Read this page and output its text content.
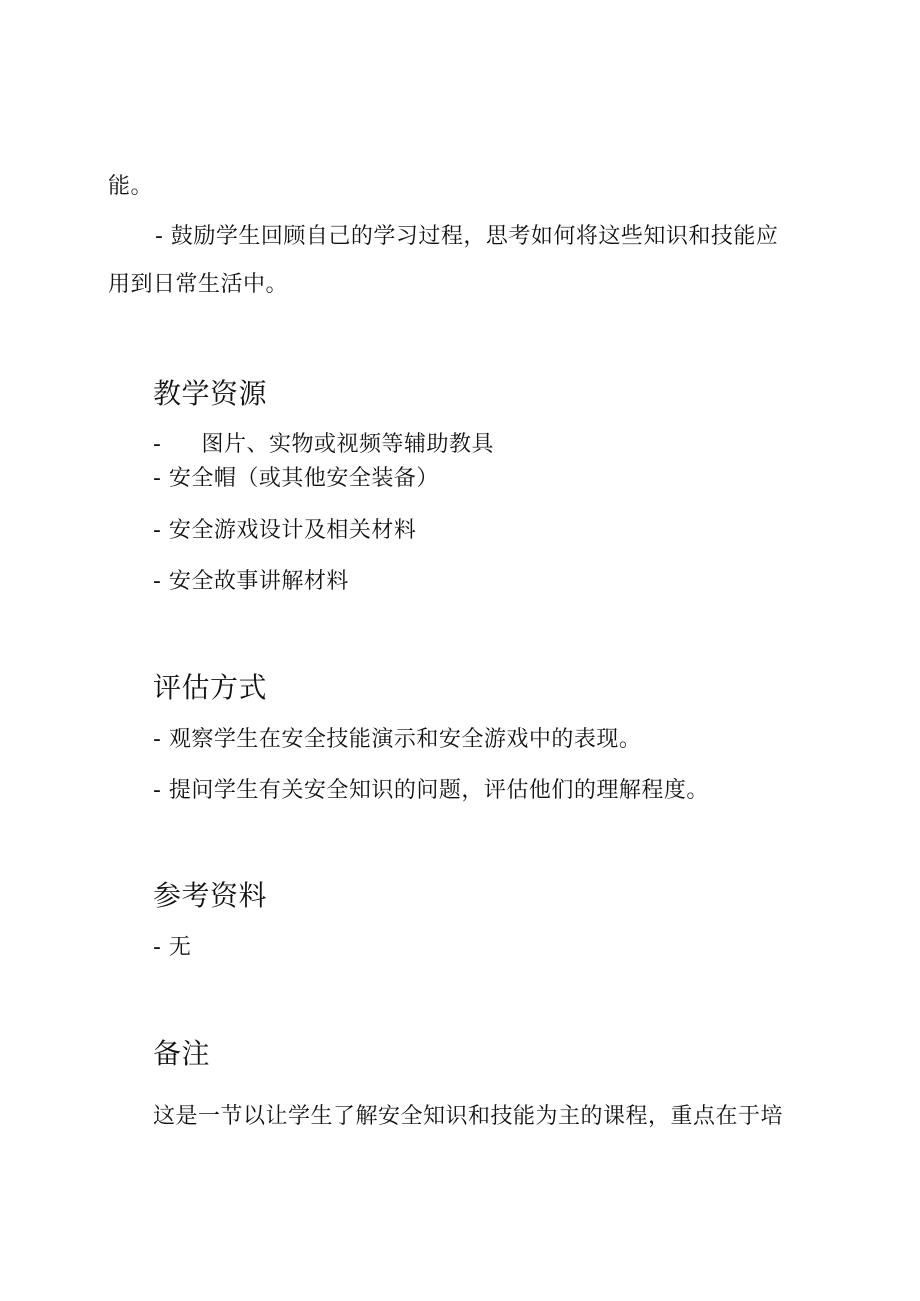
能。
- 鼓励学生回顾自己的学习过程，思考如何将这些知识和技能应
用到日常生活中。
教学资源
- 图片、实物或视频等辅助教具
- 安全帽（或其他安全装备）
- 安全游戏设计及相关材料
- 安全故事讲解材料
评估方式
- 观察学生在安全技能演示和安全游戏中的表现。
- 提问学生有关安全知识的问题，评估他们的理解程度。
参考资料
- 无
备注
这是一节以让学生了解安全知识和技能为主的课程，重点在于培
